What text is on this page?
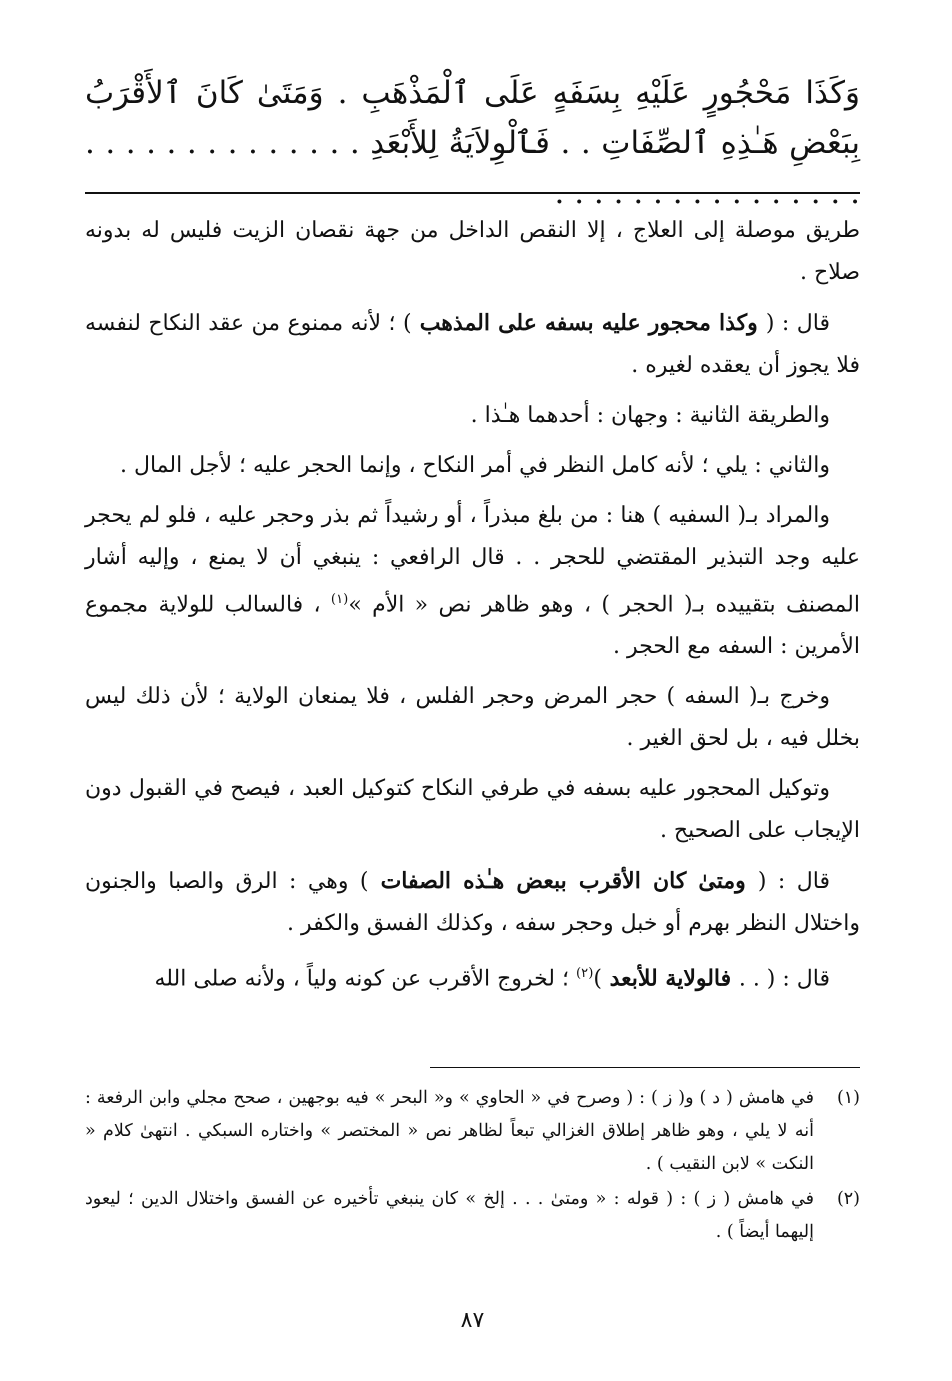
وَكَذَا مَحْجُورٍ عَلَيْهِ بِسَفَهٍ عَلَى ٱلْمَذْهَبِ . وَمَتَىٰ كَانَ ٱلأَقْرَبُ بِبَعْضِ هَـٰذِهِ ٱلصِّفَاتِ . . فَٱلْوِلاَيَةُ لِلأَبْعَدِ . . . . . . . . . . . . . . . . . . . . . . . . . . . . . .

طريق موصلة إلى العلاج ، إلا النقص الداخل من جهة نقصان الزيت فليس له بدونه صلاح .

قال : ( وكذا محجور عليه بسفه على المذهب ) ؛ لأنه ممنوع من عقد النكاح لنفسه فلا يجوز أن يعقده لغيره .

والطريقة الثانية : وجهان : أحدهما هـٰذا .

والثاني : يلي ؛ لأنه كامل النظر في أمر النكاح ، وإنما الحجر عليه ؛ لأجل المال .

والمراد بـ( السفيه ) هنا : من بلغ مبذراً ، أو رشيداً ثم بذر وحجر عليه ، فلو لم يحجر عليه وجد التبذير المقتضي للحجر . . قال الرافعي : ينبغي أن لا يمنع ، وإليه أشار المصنف بتقييده بـ( الحجر ) ، وهو ظاهر نص « الأم »$^{(١)}$ ، فالسالب للولاية مجموع الأمرين : السفه مع الحجر .

وخرج بـ( السفه ) حجر المرض وحجر الفلس ، فلا يمنعان الولاية ؛ لأن ذلك ليس بخلل فيه ، بل لحق الغير .

وتوكيل المحجور عليه بسفه في طرفي النكاح كتوكيل العبد ، فيصح في القبول دون الإيجاب على الصحيح .

قال : ( ومتىٰ كان الأقرب ببعض هـٰذه الصفات ) وهي : الرق والصبا والجنون واختلال النظر بهرم أو خبل وحجر سفه ، وكذلك الفسق والكفر .

قال : ( . . فالولاية للأبعد )$^{(٢)}$ ؛ لخروج الأقرب عن كونه ولياً ، ولأنه صلى الله

(١)
في هامش ( د ) و( ز ) : ( وصرح في « الحاوي » و« البحر » فيه بوجهين ، صحح مجلي وابن الرفعة : أنه لا يلي ، وهو ظاهر إطلاق الغزالي تبعاً لظاهر نص « المختصر » واختاره السبكي . انتهىٰ كلام « النكت » لابن النقيب ) .
(٢)
في هامش ( ز ) : ( قوله : « ومتىٰ . . . إلخ » كان ينبغي تأخيره عن الفسق واختلال الدين ؛ ليعود إليهما أيضاً ) .
٨٧
